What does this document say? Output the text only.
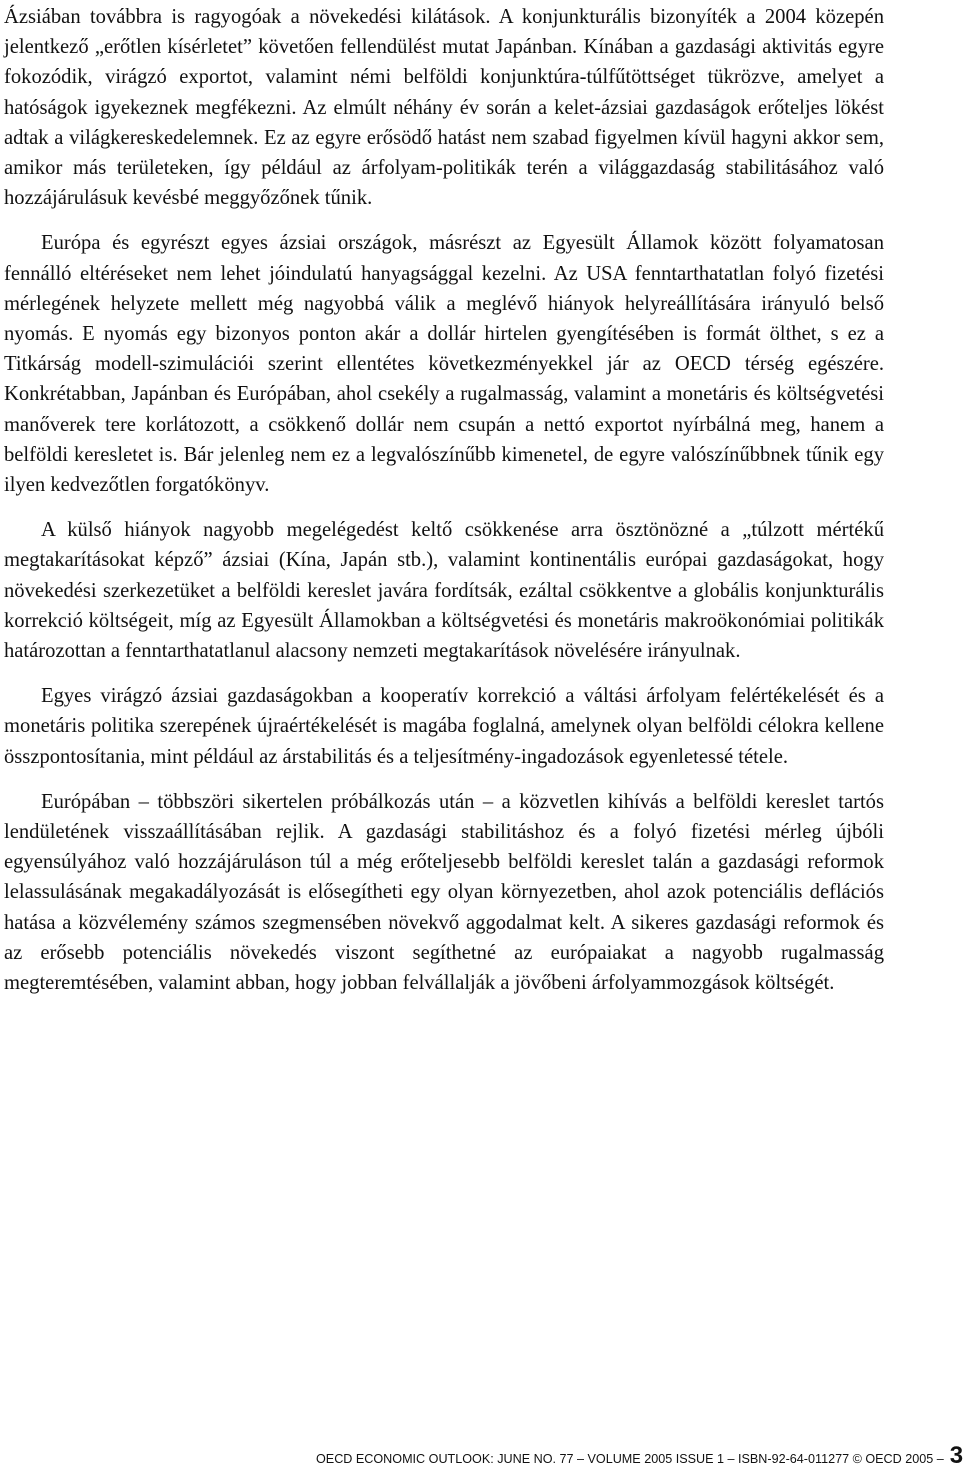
Ázsiában továbbra is ragyogóak a növekedési kilátások. A konjunkturális bizonyíték a 2004 közepén jelentkező „erőtlen kísérletet” követően fellendülést mutat Japánban. Kínában a gazdasági aktivitás egyre fokozódik, virágzó exportot, valamint némi belföldi konjunktúra-túlfűtöttséget tükrözve, amelyet a hatóságok igyekeznek megfékezni. Az elmúlt néhány év során a kelet-ázsiai gazdaságok erőteljes lökést adtak a világkereskedelemnek. Ez az egyre erősödő hatást nem szabad figyelmen kívül hagyni akkor sem, amikor más területeken, így például az árfolyam-politikák terén a világgazdaság stabilitásához való hozzájárulásuk kevésbé meggyőzőnek tűnik.

Európa és egyrészt egyes ázsiai országok, másrészt az Egyesült Államok között folyamatosan fennálló eltéréseket nem lehet jóindulatú hanyagsággal kezelni. Az USA fenntarthatatlan folyó fizetési mérlegének helyzete mellett még nagyobbá válik a meglévő hiányok helyreállítására irányuló belső nyomás. E nyomás egy bizonyos ponton akár a dollár hirtelen gyengítésében is formát ölthet, s ez a Titkárság modell-szimulációi szerint ellentétes következményekkel jár az OECD térség egészére. Konkrétabban, Japánban és Európában, ahol csekély a rugalmasság, valamint a monetáris és költségvetési manőverek tere korlátozott, a csökkenő dollár nem csupán a nettó exportot nyírbálná meg, hanem a belföldi keresletet is. Bár jelenleg nem ez a legvalószínűbb kimenetel, de egyre valószínűbbnek tűnik egy ilyen kedvezőtlen forgatókönyv.

A külső hiányok nagyobb megelégedést keltő csökkenése arra ösztönözné a „túlzott mértékű megtakarításokat képző” ázsiai (Kína, Japán stb.), valamint kontinentális európai gazdaságokat, hogy növekedési szerkezetüket a belföldi kereslet javára fordítsák, ezáltal csökkentve a globális konjunkturális korrekció költségeit, míg az Egyesült Államokban a költségvetési és monetáris makroökonómiai politikák határozottan a fenntarthatatlanul alacsony nemzeti megtakarítások növelésére irányulnak.

Egyes virágzó ázsiai gazdaságokban a kooperatív korrekció a váltási árfolyam felértékelését és a monetáris politika szerepének újraértékelését is magába foglalná, amelynek olyan belföldi célokra kellene összpontosítania, mint például az árstabilitás és a teljesítmény-ingadozások egyenletessé tétele.

Európában – többszöri sikertelen próbálkozás után – a közvetlen kihívás a belföldi kereslet tartós lendületének visszaállításában rejlik. A gazdasági stabilitáshoz és a folyó fizetési mérleg újbóli egyensúlyához való hozzájáruláson túl a még erőteljesebb belföldi kereslet talán a gazdasági reformok lelassulásának megakadályozását is elősegítheti egy olyan környezetben, ahol azok potenciális deflációs hatása a közvélemény számos szegmensében növekvő aggodalmat kelt. A sikeres gazdasági reformok és az erősebb potenciális növekedés viszont segíthetné az európaiakat a nagyobb rugalmasság megteremtésében, valamint abban, hogy jobban felvállalják a jövőbeni árfolyammozgások költségét.

OECD ECONOMIC OUTLOOK: JUNE NO. 77 – VOLUME 2005 ISSUE 1 – ISBN-92-64-011277 © OECD 2005 – 3
